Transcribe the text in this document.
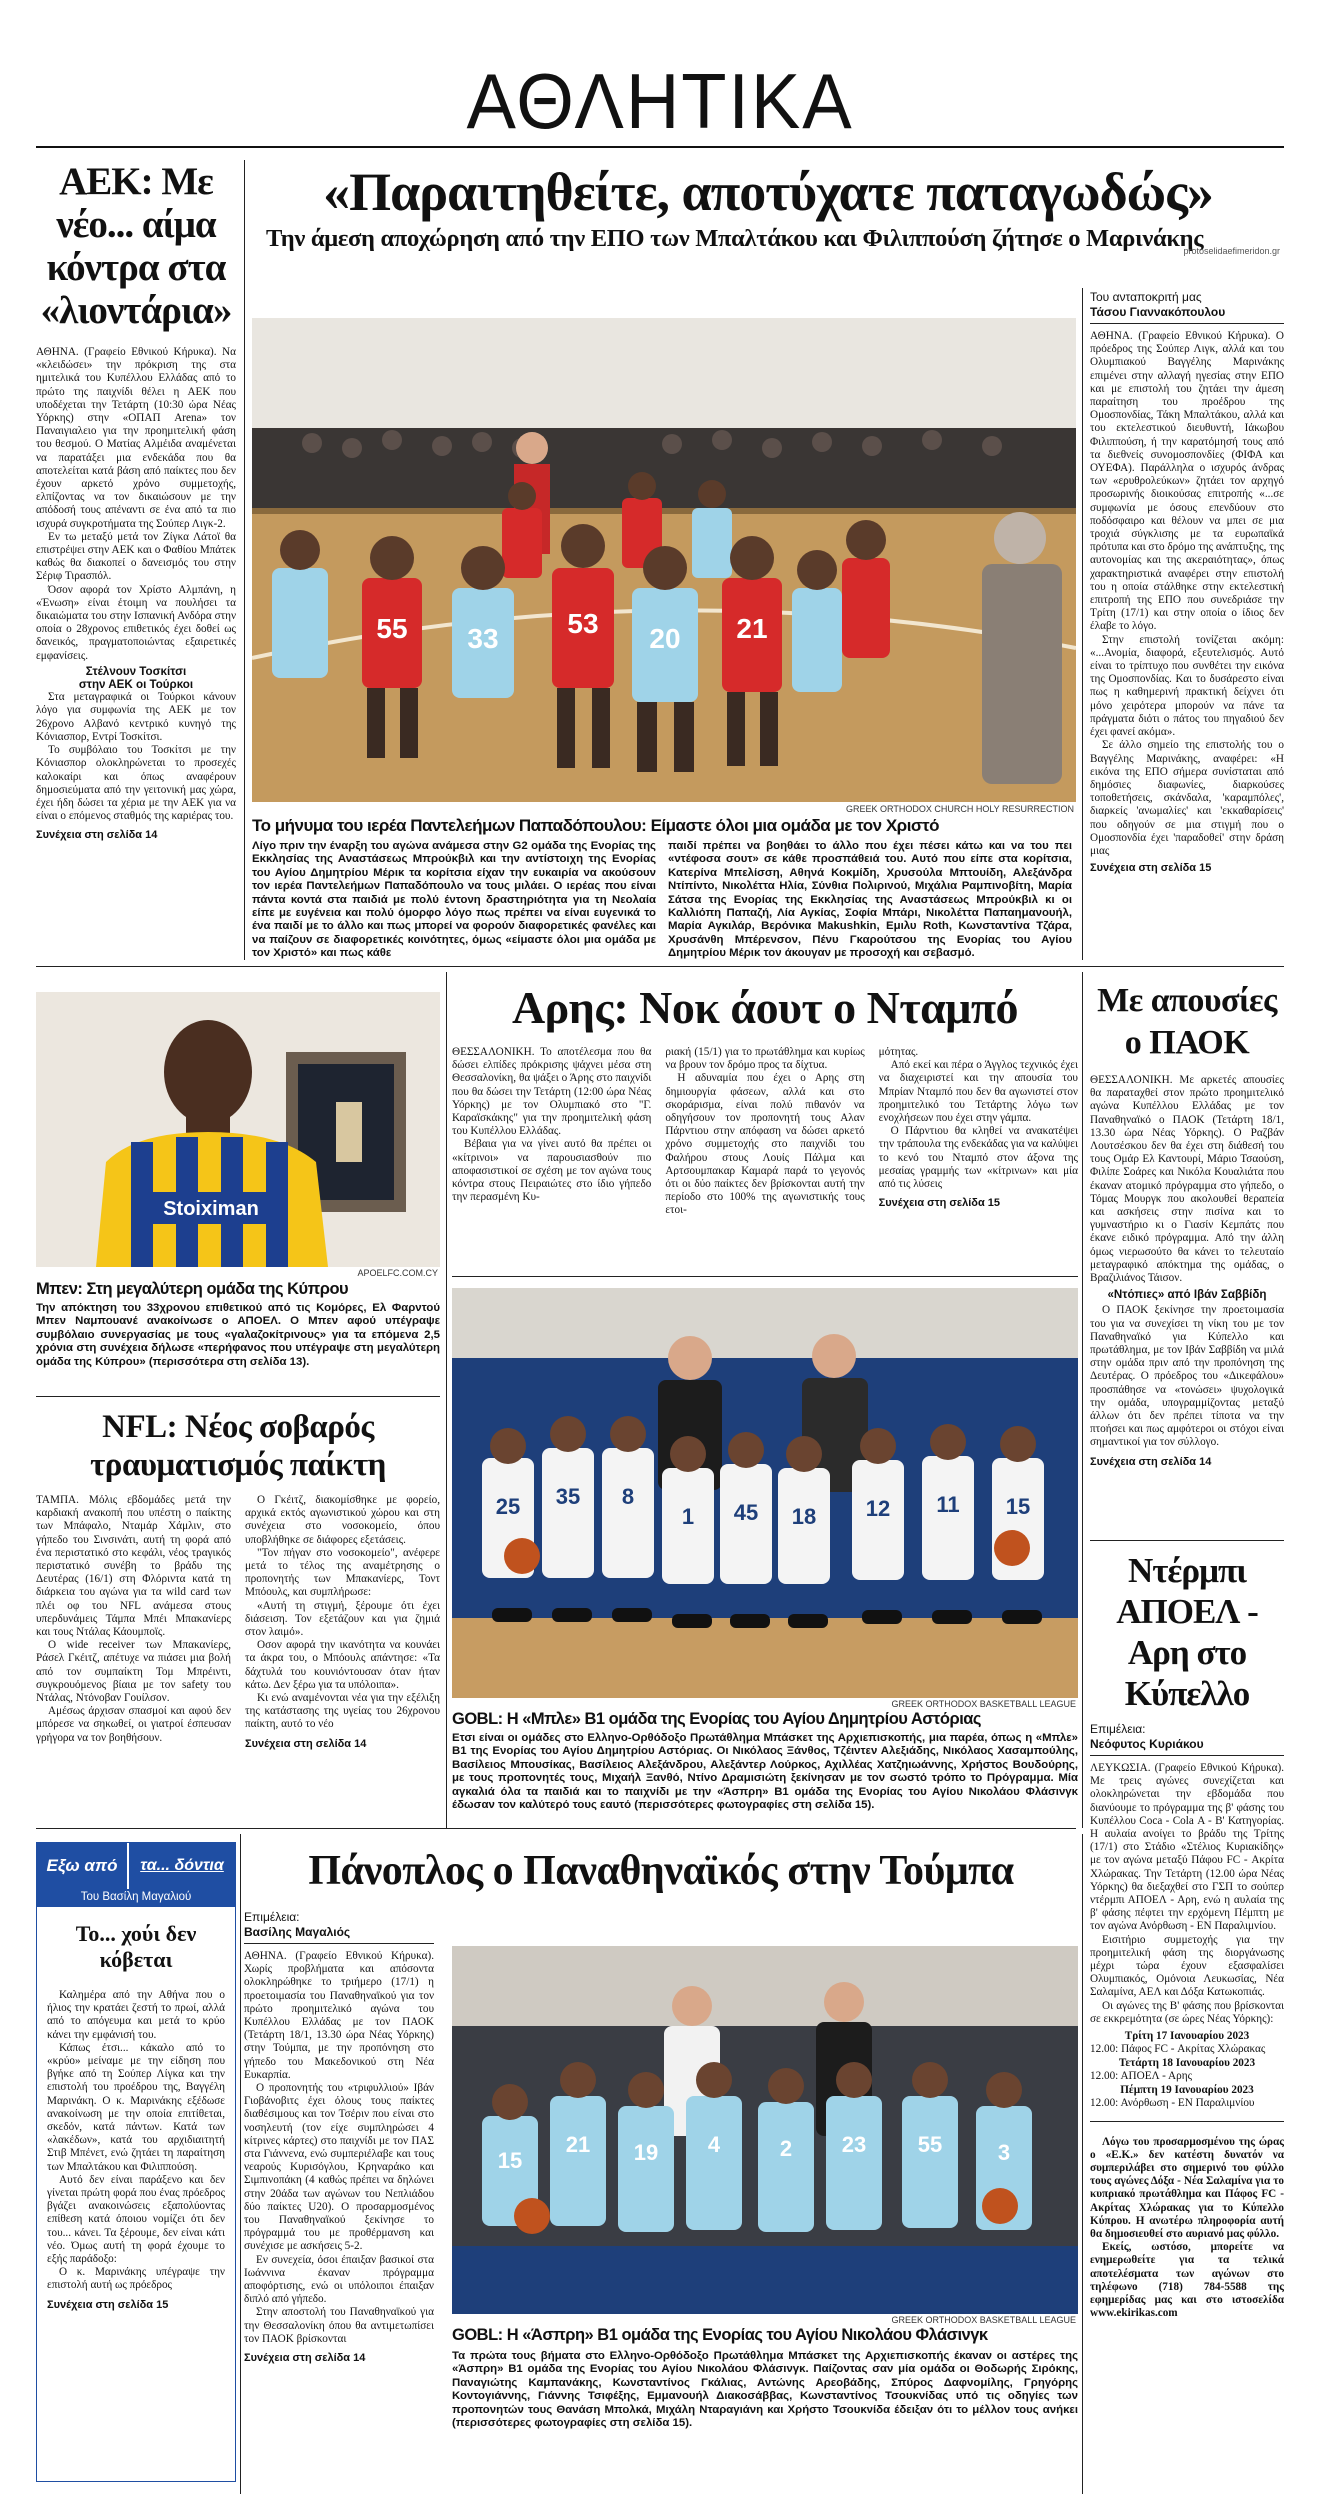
ΑΘΛΗΤΙΚΑ
ΑΕΚ: Με νέο... αίμα κόντρα στα «λιοντάρια»

ΑΘΗΝΑ. (Γραφείο Εθνικού Κήρυκα). Να «κλειδώσει» την πρόκριση της στα ημιτελικά του Κυπέλλου Ελλάδας από το πρώτο της παιχνίδι θέλει η ΑΕΚ που υποδέχεται την Τετάρτη (10:30 ώρα Νέας Υόρκης) στην «ΟΠΑΠ Arena» τον Παναιγιαλειο για την προημιτελική φάση του θεσμού. Ο Ματίας Αλμέιδα αναμένεται να παρατάξει μια ενδεκάδα που θα αποτελείται κατά βάση από παίκτες που δεν έχουν αρκετό χρόνο συμμετοχής, ελπίζοντας να τον δικαιώσουν με την απόδοσή τους απέναντι σε ένα από τα πιο ισχυρά συγκροτήματα της Σούπερ Λιγκ-2.

Εν τω μεταξύ μετά τον Ζίγκα Λάτοϊ θα επιστρέψει στην ΑΕΚ και ο Φαθίου Μπάτεκ καθώς θα διακοπεί ο δανεισμός του στην Σέριφ Τιρασπόλ.

Όσον αφορά τον Χρίστο Αλμπάνη, η «Ένωση» είναι έτοιμη να πουλήσει τα δικαιώματα του στην Ισπανική Ανδόρα στην οποία ο 28χρονος επιθετικός έχει δοθεί ως δανεικός, πραγματοποιώντας εξαιρετικές εμφανίσεις.

Στέλνουν Τοσκίτσι

στην ΑΕΚ οι Τούρκοι

Στα μεταγραφικά οι Τούρκοι κάνουν λόγο για συμφωνία της ΑΕΚ με τον 26χρονο Αλβανό κεντρικό κυνηγό της Κόνιασπορ, Εντρί Τοσκίτσι.

Το συμβόλαιο του Τοσκίτσι με την Κόνιασπορ ολοκληρώνεται το προσεχές καλοκαίρι και όπως αναφέρουν δημοσιεύματα από την γειτονική μας χώρα, έχει ήδη δώσει τα χέρια με την ΑΕΚ για να είναι ο επόμενος σταθμός της καριέρας του.

Συνέχεια στη σελίδα 14

«Παραιτηθείτε, αποτύχατε παταγωδώς»
Την άμεση αποχώρηση από την ΕΠΟ των Μπαλτάκου και Φιλιππούση ζήτησε ο Μαρινάκης
protoselidaefimeridon.gr
55	53 20 21
33
GREEK ORTHODOX CHURCH HOLY RESURRECTION
Το μήνυμα του ιερέα Παντελεήμων Παπαδόπουλου: Είμαστε όλοι μια ομάδα με τον Χριστό
Λίγο πριν την έναρξη του αγώνα ανάμεσα στην G2 ομάδα της Ενορίας της Εκκλησίας της Αναστάσεως Μπρούκβιλ και την αντίστοιχη της Ενορίας του Αγίου Δημητρίου Μέρικ τα κορίτσια είχαν την ευκαιρία να ακούσουν τον ιερέα Παντελεήμων Παπαδόπουλο να τους μιλάει. Ο ιερέας που είναι πάντα κοντά στα παιδιά με πολύ έντονη δραστηριότητα για τη Νεολαία είπε με ευγένεια και πολύ όμορφο λόγο πως πρέπει να είναι ευγενικά το ένα παιδί με το άλλο και πως μπορεί να φορούν διαφορετικές φανέλες και να παίζουν σε διαφορετικές κοινότητες, όμως «είμαστε όλοι μια ομάδα με τον Χριστό» και πως κάθε
παιδί πρέπει να βοηθάει το άλλο που έχει πέσει κάτω και να του πει «ντέφοσα σουτ» σε κάθε προσπάθειά του. Αυτό που είπε στα κορίτσια, Κατερίνα Μπελίσση, Αθηνά Κοκμίδη, Χρυσούλα Μπτουίδη, Αλεξάνδρα Ντίπίντο, Νικολέττα Ηλία, Σύνθια Πολιρινού, Μιχάλια Ραμπινοβίτη, Μαρία Σάτσα της Ενορίας της Εκκλησίας της Αναστάσεως Μπρούκβιλ κι οι Καλλιόπη Παπαζή, Λία Αγκίας, Σοφία Μπάρι, Νικολέττα Παπαημανουήλ, Μαρία Αγκιλάρ, Βερόνικα Makushkin, Εμιλυ Roth, Κωνσταντίνα Τζάρα, Χρυσάνθη Μπέρενσον, Πένυ Γκαρούτσου της Ενορίας του Αγίου Δημητρίου Μέρικ τον άκουγαν με προσοχή και σεβασμό.
Του ανταποκριτή μας
Τάσου Γιαννακόπουλου

ΑΘΗΝΑ. (Γραφείο Εθνικού Κήρυκα). Ο πρόεδρος της Σούπερ Λιγκ, αλλά και του Ολυμπιακού Βαγγέλης Μαρινάκης επιμένει στην αλλαγή ηγεσίας στην ΕΠΟ και με επιστολή του ζητάει την άμεση παραίτηση του προέδρου της Ομοσπονδίας, Τάκη Μπαλτάκου, αλλά και του εκτελεστικού διευθυντή, Ιάκωβου Φιλιππούση, ή την καρατόμησή τους από τα διεθνείς συνομοσπονδίες (ΦΙΦΑ και ΟΥΕΦΑ). Παράλληλα ο ισχυρός άνδρας των «ερυθρολεύκων» ζητάει τον αρχηγό προσωρινής διοικούσας επιτροπής «...σε συμφωνία με όσους επενδύουν στο ποδόσφαιρο και θέλουν να μπει σε μια τροχιά σύγκλισης με τα ευρωπαϊκά πρότυπα και στο δρόμο της ανάπτυξης, της αυτονομίας και της ακεραιότητας», όπως χαρακτηριστικά αναφέρει στην επιστολή του η οποία στάλθηκε στην εκτελεστική επιτροπή της ΕΠΟ που συνεδριάσε την Τρίτη (17/1) και στην οποία ο ίδιος δεν έλαβε το λόγο.

Στην επιστολή τονίζεται ακόμη: «...Ανομία, διαφορά, εξευτελισμός. Αυτό είναι το τρίπτυχο που συνθέτει την εικόνα της Ομοσπονδίας. Και το δυσάρεστο είναι πως η καθημερινή πρακτική δείχνει ότι μόνο χειρότερα μπορούν να πάνε τα πράγματα διότι ο πάτος του πηγαδιού δεν έχει φανεί ακόμα».

Σε άλλο σημείο της επιστολής του ο Βαγγέλης Μαρινάκης, αναφέρει: «Η εικόνα της ΕΠΟ σήμερα συνίσταται από δημόσιες διαφωνίες, διαρκούσες τοποθετήσεις, σκάνδαλα, 'καραμπόλες', διαρκείς 'ανωμαλίες' και 'εκκαθαρίσεις' που οδηγούν σε μια στιγμή που ο Ομοσπονδία έχει 'παραδοθεί' στην δράση μιας

Συνέχεια στη σελίδα 15

Stoiximan
APOELFC.COM.CY
Μπεν: Στη μεγαλύτερη ομάδα της Κύπρου
Την απόκτηση του 33χρονου επιθετικού από τις Κομόρες, Ελ Φαρντού Μπεν Ναμπουανέ ανακοίνωσε ο ΑΠΟΕΛ. Ο Μπεν αφού υπέγραψε συμβόλαιο συνεργασίας με τους «γαλαζοκίτρινους» για τα επόμενα 2,5 χρόνια στη συνέχεια δήλωσε «περήφανος που υπέγραψε στη μεγαλύτερη ομάδα της Κύπρου» (περισσότερα στη σελίδα 13).
Αρης: Νοκ άουτ ο Νταμπό

ΘΕΣΣΑΛΟΝΙΚΗ. Το αποτέλεσμα που θα δώσει ελπίδες πρόκρισης ψάχνει μέσα στη Θεσσαλονίκη, θα ψάξει ο Άρης στο παιχνίδι που θα δώσει την Τετάρτη (12:00 ώρα Νέας Υόρκης) με τον Ολυμπιακό στο "Γ. Καραϊσκάκης" για την προημιτελική φάση του Κυπέλλου Ελλάδας.

Βέβαια για να γίνει αυτό θα πρέπει οι «κίτρινοι» να παρουσιασθούν πιο αποφασιστικοί σε σχέση με τον αγώνα τους κόντρα στους Πειραιώτες στο ίδιο γήπεδο την περασμένη Κυ-

ριακή (15/1) για το πρωτάθλημα και κυρίως να βρουν τον δρόμο προς τα δίχτυα.

Η αδυναμία που έχει ο Αρης στη δημιουργία φάσεων, αλλά και στο σκοράρισμα, είναι πολύ πιθανόν να οδηγήσουν τον προπονητή τους Αλαν Πάρντιου στην απόφαση να δώσει αρκετό χρόνο συμμετοχής στο παιχνίδι του Φαλήρου στους Λουίς Πάλμα και Αρτσουμπακαρ Καμαρά παρά το γεγονός ότι οι δύο παίκτες δεν βρίσκονται αυτή την περίοδο στο 100% της αγωνιστικής τους ετοι-

μότητας.

Από εκεί και πέρα ο Άγγλος τεχνικός έχει να διαχειριστεί και την απουσία του Μπρίαν Νταμπό που δεν θα αγωνιστεί στον προημιτελικό του Τετάρτης λόγω των ενοχλήσεων που έχει στην γάμπα.

Ο Πάρντιου θα κληθεί να ανακατέψει την τράπουλα της ενδεκάδας για να καλύψει το κενό του Νταμπό στον άξονα της μεσαίας γραμμής των «κίτρινων» και μία από τις λύσεις

Συνέχεια στη σελίδα 15

Με απουσίες ο ΠΑΟΚ

ΘΕΣΣΑΛΟΝΙΚΗ. Με αρκετές απουσίες θα παραταχθεί στον πρώτο προημιτελικό αγώνα Κυπέλλου Ελλάδας με τον Παναθηναϊκό ο ΠΑΟΚ (Τετάρτη 18/1, 13.30 ώρα Νέας Υόρκης). Ο Ραζβάν Λουτσέσκου δεν θα έχει στη διάθεσή του τους Ομάρ Ελ Καντουρί, Μάριο Τσαούση, Φιλίπε Σοάρες και Νικόλα Κουαλιάτα που έκαναν ατομικό πρόγραμμα στο γήπεδο, ο Τόμας Μουργκ που ακολουθεί θεραπεία και ασκήσεις στην πισίνα και το γυμναστήριο κι ο Γιασίν Κεμπάτς που έκανε ειδικό πρόγραμμα. Από την άλλη όμως νιερωσούτο θα κάνει το τελευταίο μεταγραφικό απόκτημα της ομάδας, ο Βραζιλιάνος Τάισον.

«Ντόπιες» από Ιβάν Σαββίδη

Ο ΠΑΟΚ ξεκίνησε την προετοιμασία του για να συνεχίσει τη νίκη του με τον Παναθηναϊκό για Κύπελλο και πρωτάθλημα, με τον Ιβάν Σαββίδη να μιλά στην ομάδα πριν από την προπόνηση της Δευτέρας. Ο πρόεδρος του «Δικεφάλου» προσπάθησε να «τονώσει» ψυχολογικά την ομάδα, υπογραμμίζοντας μεταξύ άλλων ότι δεν πρέπει τίποτα να την πτοήσει και πως αμφότεροι οι στόχοι είναι σημαντικοί για τον σύλλογο.

Συνέχεια στη σελίδα 14

NFL: Νέος σοβαρός τραυματισμός παίκτη

ΤΑΜΠΑ. Μόλις εβδομάδες μετά την καρδιακή ανακοπή που υπέστη ο παίκτης των Μπάφαλο, Νταμάρ Χάμλιν, στο γήπεδο του Σινσινάτι, αυτή τη φορά από ένα περιστατικό στο κεφάλι, νέος τραγικός περιστατικό συνέβη το βράδυ της Δευτέρας (16/1) στη Φλόριντα κατά τη διάρκεια του αγώνα για τα wild card των πλέι οφ του NFL ανάμεσα στους υπερδυνάμεις Τάμπα Μπέι Μπακανίερς και τους Ντάλας Κάουμποϊς.

Ο wide receiver των Μπακανίερς, Ράσελ Γκέιτζ, απέτυχε να πιάσει μια βολή από τον συμπαίκτη Τομ Μπρέιντι, συγκρουόμενος βίαια με τον safety του Ντάλας, Ντόνοβαν Γουίλσον.

Αμέσως άρχισαν σπασμοί και αφού δεν μπόρεσε να σηκωθεί, οι γιατροί έσπευσαν γρήγορα να τον βοηθήσουν.

Ο Γκέιτζ, διακομίσθηκε με φορείο, αρχικά εκτός αγωνιστικού χώρου και στη συνέχεια στο νοσοκομείο, όπου υποβλήθηκε σε διάφορες εξετάσεις.

"Τον πήγαν στο νοσοκομείο", ανέφερε μετά το τέλος της αναμέτρησης ο προπονητής των Μπακανίερς, Τοντ Μπόουλς, και συμπλήρωσε:

«Αυτή τη στιγμή, ξέρουμε ότι έχει διάσειση. Τον εξετάζουν και για ζημιά στον λαιμό».

Οσον αφορά την ικανότητα να κουνάει τα άκρα του, ο Μπόουλς απάντησε: «Τα δάχτυλά του κουνιόντουσαν όταν ήταν κάτω. Δεν ξέρω για τα υπόλοιπα».

Κι ενώ αναμένονται νέα για την εξέλιξη της κατάστασης της υγείας του 26χρονου παίκτη, αυτό το νέο

Συνέχεια στη σελίδα 14

25 35 8
1 45 18 12 11 15
GREEK ORTHODOX BASKETBALL LEAGUE
GOBL: Η «Μπλε» Β1 ομάδα της Ενορίας του Αγίου Δημητρίου Αστόριας
Ετσι είναι οι ομάδες στο Ελληνο-Ορθόδοξο Πρωτάθλημα Μπάσκετ της Αρχιεπισκοπής, μια παρέα, όπως η «Μπλε» Β1 της Ενορίας του Αγίου Δημητρίου Αστόριας. Οι Νικόλαος Ξάνθος, Τζέιντεν Αλεξιάδης, Νικόλαος Χασαμπούλης, Βασίλειος Μπουσίκας, Βασίλειος Αλεξάνδρου, Αλεξάντερ Λούρκος, Αχιλλέας Χατζηιωάννης, Χρήστος Βουδούρης, με τους προπονητές τους, Μιχαήλ Ξανθό, Ντίνο Δραμισιώτη ξεκίνησαν με τον σωστό τρόπο το Πρόγραμμα. Μία αγκαλιά όλα τα παιδιά και το παιχνίδι με την «Άσπρη» Β1 ομάδα της Ενορίας του Αγίου Νικολάου Φλάσινγκ έδωσαν τον καλύτερό τους εαυτό (περισσότερες φωτογραφίες στη σελίδα 15).
Ντέρμπι ΑΠΟΕΛ - Αρη στο Κύπελλο
Επιμέλεια:
Νεόφυτος Κυριάκου

ΛΕΥΚΩΣΙΑ. (Γραφείο Εθνικού Κήρυκα). Με τρεις αγώνες συνεχίζεται και ολοκληρώνεται την εβδομάδα που διανύουμε το πρόγραμμα της β' φάσης του Κυπέλλου Coca - Cola Α - Β' Κατηγορίας. Η αυλαία ανοίγει το βράδυ της Τρίτης (17/1) στο Στάδιο «Στέλιος Κυριακίδης» με τον αγώνα μεταξύ Πάφου FC - Ακρίτα Χλώρακας. Την Τετάρτη (12.00 ώρα Νέας Υόρκης) θα διεξαχθεί στο ΓΣΠ το σούπερ ντέρμπι ΑΠΟΕΛ - Αρη, ενώ η αυλαία της β' φάσης πέφτει την ερχόμενη Πέμπτη με τον αγώνα Ανόρθωση - ΕΝ Παραλιμνίου.

Εισιτήριο συμμετοχής για την προημιτελική φάση της διοργάνωσης μέχρι τώρα έχουν εξασφαλίσει Ολυμπιακός, Ομόνοια Λευκωσίας, Νέα Σαλαμίνα, ΑΕΛ και Δόξα Κατωκοπιάς.

Οι αγώνες της Β' φάσης που βρίσκονται σε εκκρεμότητα (σε ώρες Νέας Υόρκης):

Τρίτη 17 Ιανουαρίου 2023
12.00: Πάφος FC - Ακρίτας Χλώρακας
Τετάρτη 18 Ιανουαρίου 2023
12.00: ΑΠΟΕΛ - Αρης
Πέμπτη 19 Ιανουαρίου 2023
12.00: Ανόρθωση - ΕΝ Παραλιμνίου

Λόγω του προσαρμοσμένου της ώρας ο «Ε.Κ.» δεν κατέστη δυνατόν να συμπεριλάβει στο σημερινό του φύλλο τους αγώνες Δόξα - Νέα Σαλαμίνα για το κυπριακό πρωτάθλημα και Πάφος FC - Ακρίτας Χλώρακας για το Κύπελλο Κύπρου. Η ανωτέρω πληροφορία αυτή θα δημοσιευθεί στο αυριανό μας φύλλο.

Εκείς, ωστόσο, μπορείτε να ενημερωθείτε για τα τελικά αποτελέσματα των αγώνων στο τηλέφωνο (718) 784-5588 της εφημερίδας μας και στο ιστοσελίδα www.ekirikas.com

Εξω από	τα... δόντια
Του Βασίλη Μαγαλιού
Το... χούι δεν κόβεται

Καλημέρα από την Αθήνα που ο ήλιος την κρατάει ζεστή το πρωί, αλλά από το απόγευμα και μετά το κρύο κάνει την εμφάνισή του.

Κάπως έτσι... κάκαλο από το «κρύο» μείναμε με την είδηση που βγήκε από τη Σούπερ Λίγκα και την επιστολή του προέδρου της, Βαγγέλη Μαρινάκη. Ο κ. Μαρινάκης εξέδωσε ανακοίνωση με την οποία επιτίθεται, σκεδόν, κατά πάντων. Κατά των «λακέδων», κατά του αρχιδιαιτητή Στιβ Μπένετ, ενώ ζητάει τη παραίτηση των Μπαλτάκου και Φιλιππούση.

Αυτό δεν είναι παράξενο και δεν γίνεται πρώτη φορά που ένας πρόεδρος βγάζει ανακοινώσεις εξαπολύοντας επίθεση κατά όποιου νομίζει ότι δεν του... κάνει. Τα ξέρουμε, δεν είναι κάτι νέο. Όμως αυτή τη φορά έχουμε το εξής παράδοξο:

Ο κ. Μαρινάκης υπέγραψε την επιστολή αυτή ως πρόεδρος

Συνέχεια στη σελίδα 15

Πάνοπλος ο Παναθηναϊκός στην Τούμπα
Επιμέλεια:
Βασίλης Μαγαλιός

ΑΘΗΝΑ. (Γραφείο Εθνικού Κήρυκα). Χωρίς προβλήματα και απόσοντα ολοκληρώθηκε το τριήμερο (17/1) η προετοιμασία του Παναθηναϊκού για τον πρώτο προημιτελικό αγώνα του Κυπέλλου Ελλάδας με τον ΠΑΟΚ (Τετάρτη 18/1, 13.30 ώρα Νέας Υόρκης) στην Τούμπα, με την προπόνηση στο γήπεδο του Μακεδονικού στη Νέα Ευκαρπία.

Ο προπονητής του «τριφυλλιού» Ιβάν Γιοβάνοβιτς έχει όλους τους παίκτες διαθέσιμους και τον Τσέριν που είναι στο νοσηλευτή (τον είχε συμπληρώσει 4 κίτρινες κάρτες) στο παιχνίδι με τον ΠΑΣ στα Γιάννενα, ενώ συμπεριέλαβε και τους νεαρούς Κυρισόγλου, Κρηναράκο και Σιμπινοπάκη (4 καθώς πρέπει να δηλώνει στην 20άδα των αγώνων του Νεπλιάδου δύο παίκτες U20). Ο προσαρμοσμένος του Παναθηναϊκού ξεκίνησε το πρόγραμμά του με προθέρμανση και συνέχισε με ασκήσεις 5-2.

Εν συνεχεία, όσοι έπαιξαν βασικοί στα Ιωάννινα έκαναν πρόγραμμα αποφόρτισης, ενώ οι υπόλοιποι έπαιξαν διπλό από γήπεδο.

Στην αποστολή του Παναθηναϊκού για την Θεσσαλονίκη όπου θα αντιμετωπίσει τον ΠΑΟΚ βρίσκονται

Συνέχεια στη σελίδα 14

15
21 19 4	2 23 55	3
GREEK ORTHODOX BASKETBALL LEAGUE
GOBL: Η «Άσπρη» Β1 ομάδα της Ενορίας του Αγίου Νικολάου Φλάσινγκ
Τα πρώτα τους βήματα στο Ελληνο-Ορθόδοξο Πρωτάθλημα Μπάσκετ της Αρχιεπισκοπής έκαναν οι αστέρες της «Άσπρη» Β1 ομάδα της Ενορίας του Αγίου Νικολάου Φλάσινγκ. Παίζοντας σαν μία ομάδα οι Θοδωρής Σιρόκης, Παναγιώτης Καμπανάκης, Κωνσταντίνος Γκάλιας, Αντώνης Αρεοβάδης, Σπύρος Δαφνομίλης, Γρηγόρης Κοντογιάννης, Γιάννης Τσιφέξης, Εμμανουήλ Διακοσάββας, Κωνσταντίνος Τσουκνίδας υπό τις οδηγίες των προπονητών τους Θανάση Μπολκά, Μιχάλη Νταραγιάνη και Χρήστο Τσουκνίδα έδειξαν ότι το μέλλον τους ανήκει (περισσότερες φωτογραφίες στη σελίδα 15).
